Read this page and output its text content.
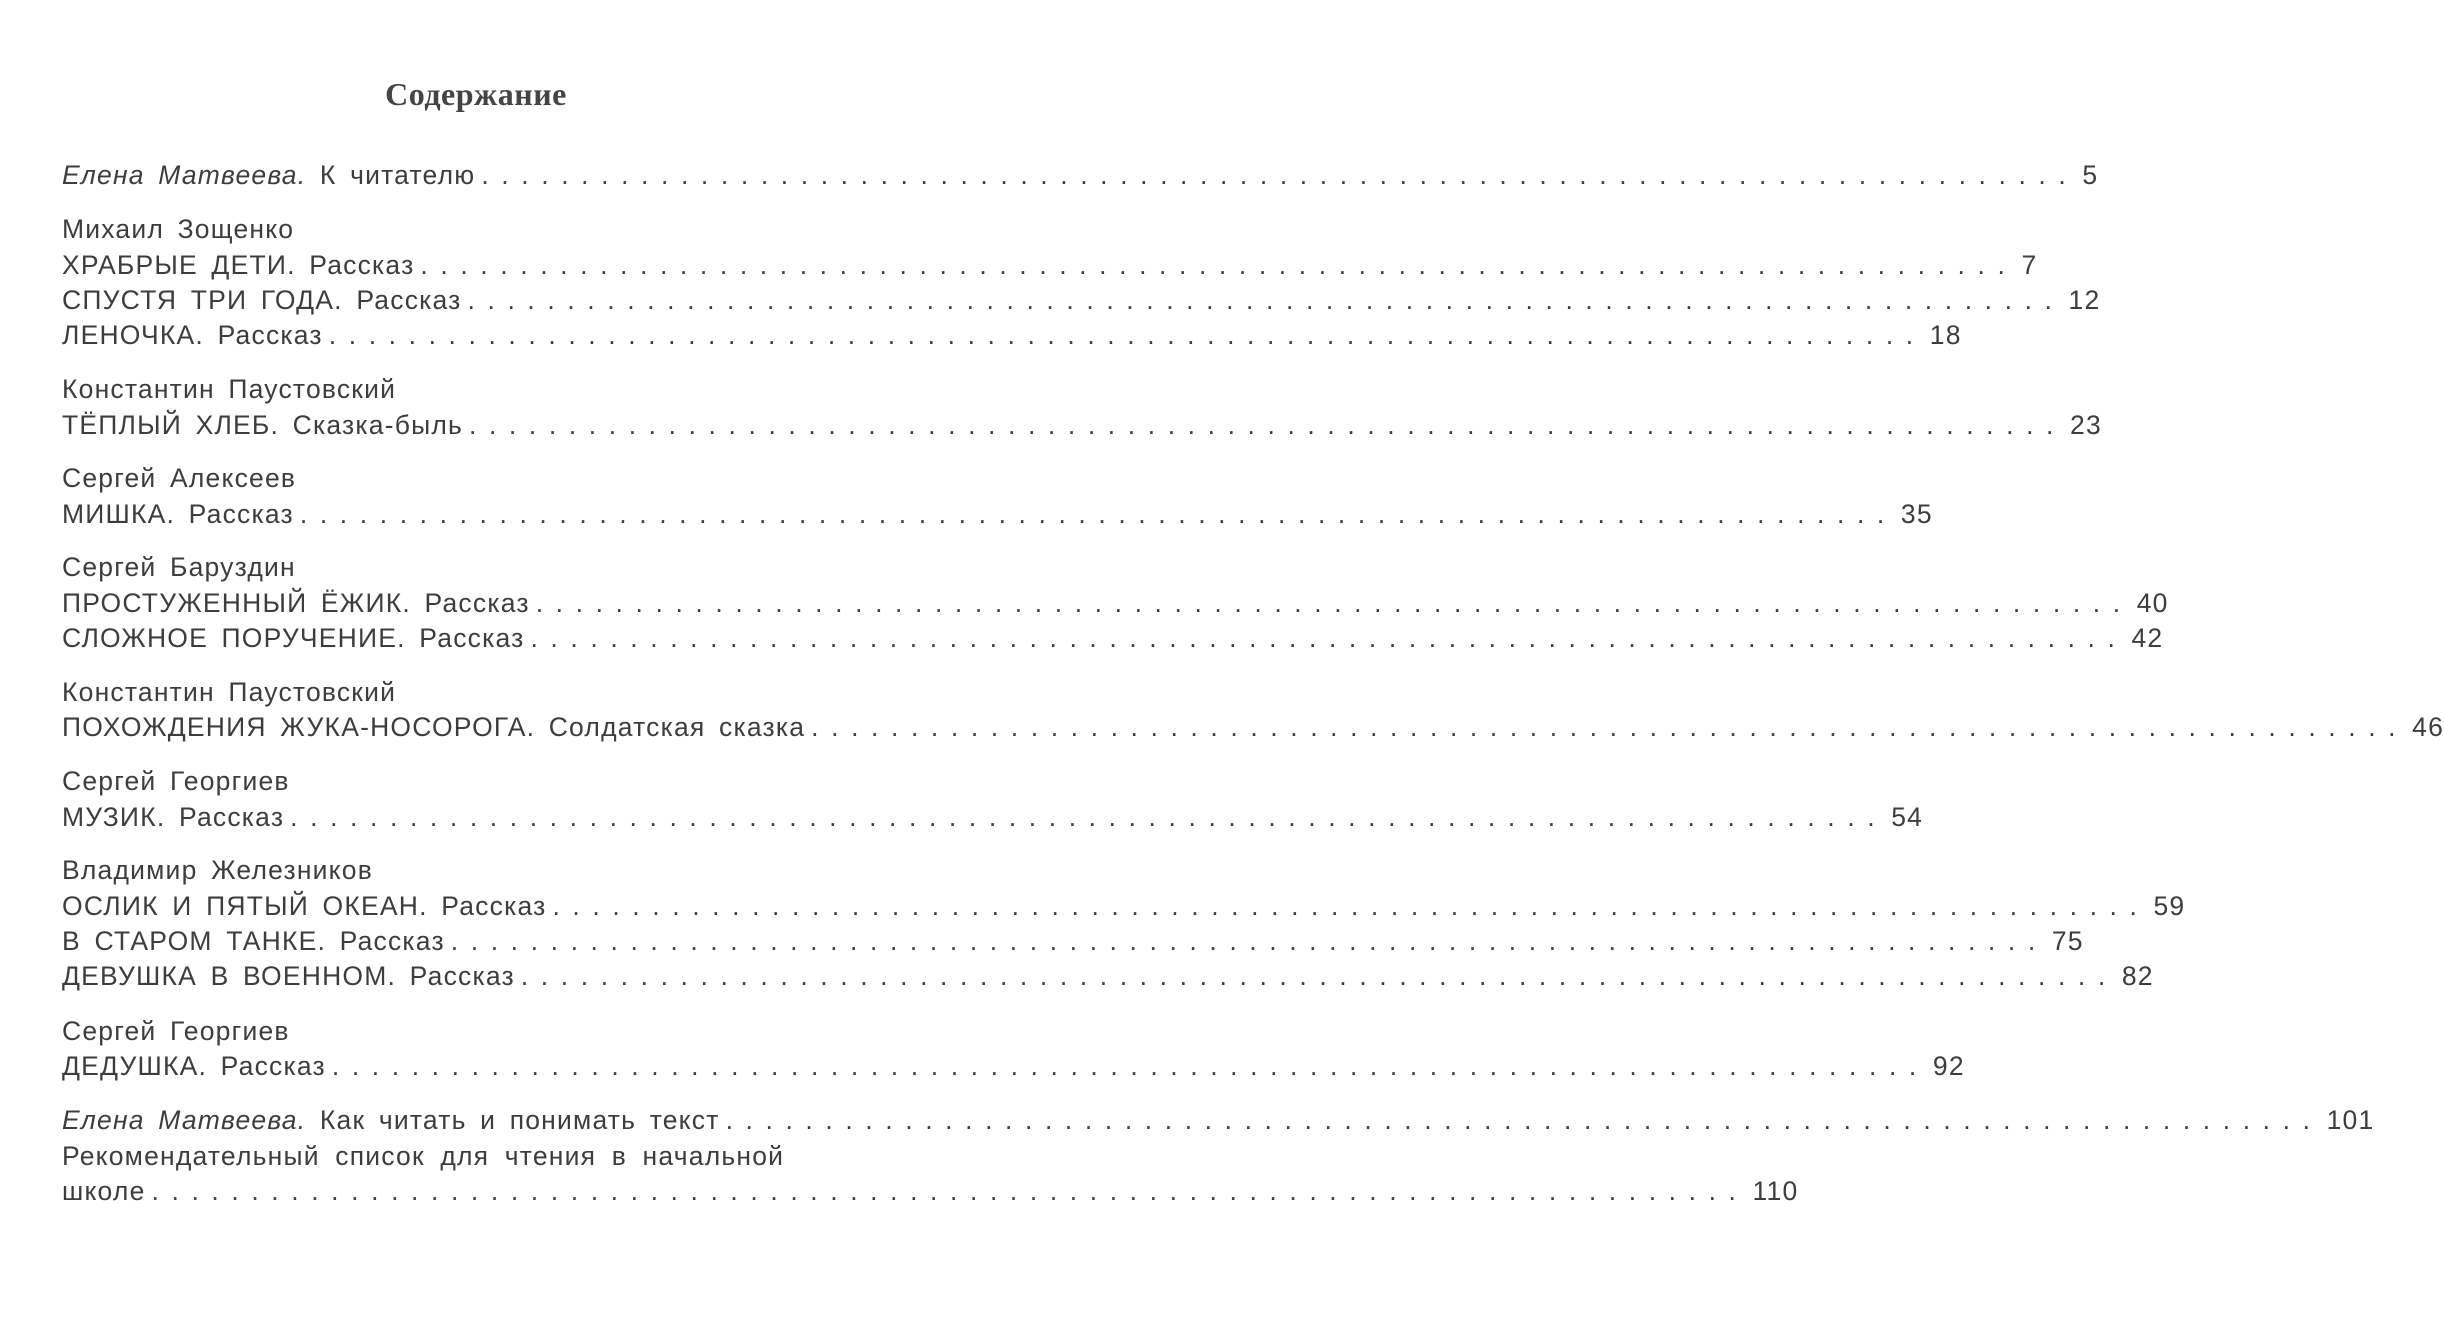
Содержание
Елена Матвеева.
К читателю ................................................................................ 5
Михаил Зощенко
ХРАБРЫЕ ДЕТИ.
Рассказ ................................................................................ 7
СПУСТЯ ТРИ ГОДА.
Рассказ ................................................................................ 12
ЛЕНОЧКА.
Рассказ ................................................................................ 18
Константин Паустовский
ТЁПЛЫЙ ХЛЕБ.
Сказка-быль ................................................................................ 23
Сергей Алексеев
МИШКА.
Рассказ ................................................................................ 35
Сергей Баруздин
ПРОСТУЖЕННЫЙ ЁЖИК.
Рассказ ................................................................................ 40
СЛОЖНОЕ ПОРУЧЕНИЕ.
Рассказ ................................................................................ 42
Константин Паустовский
ПОХОЖДЕНИЯ ЖУКА-НОСОРОГА.
Солдатская сказка ................................................................................ 46
Сергей Георгиев
МУЗИК.
Рассказ ................................................................................ 54
Владимир Железников
ОСЛИК И ПЯТЫЙ ОКЕАН.
Рассказ ................................................................................ 59
В СТАРОМ ТАНКЕ.
Рассказ ................................................................................ 75
ДЕВУШКА В ВОЕННОМ.
Рассказ ................................................................................ 82
Сергей Георгиев
ДЕДУШКА.
Рассказ ................................................................................ 92
Елена Матвеева.
Как читать и понимать текст ................................................................................ 101
Рекомендательный список для чтения в начальной
школе ................................................................................ 110
